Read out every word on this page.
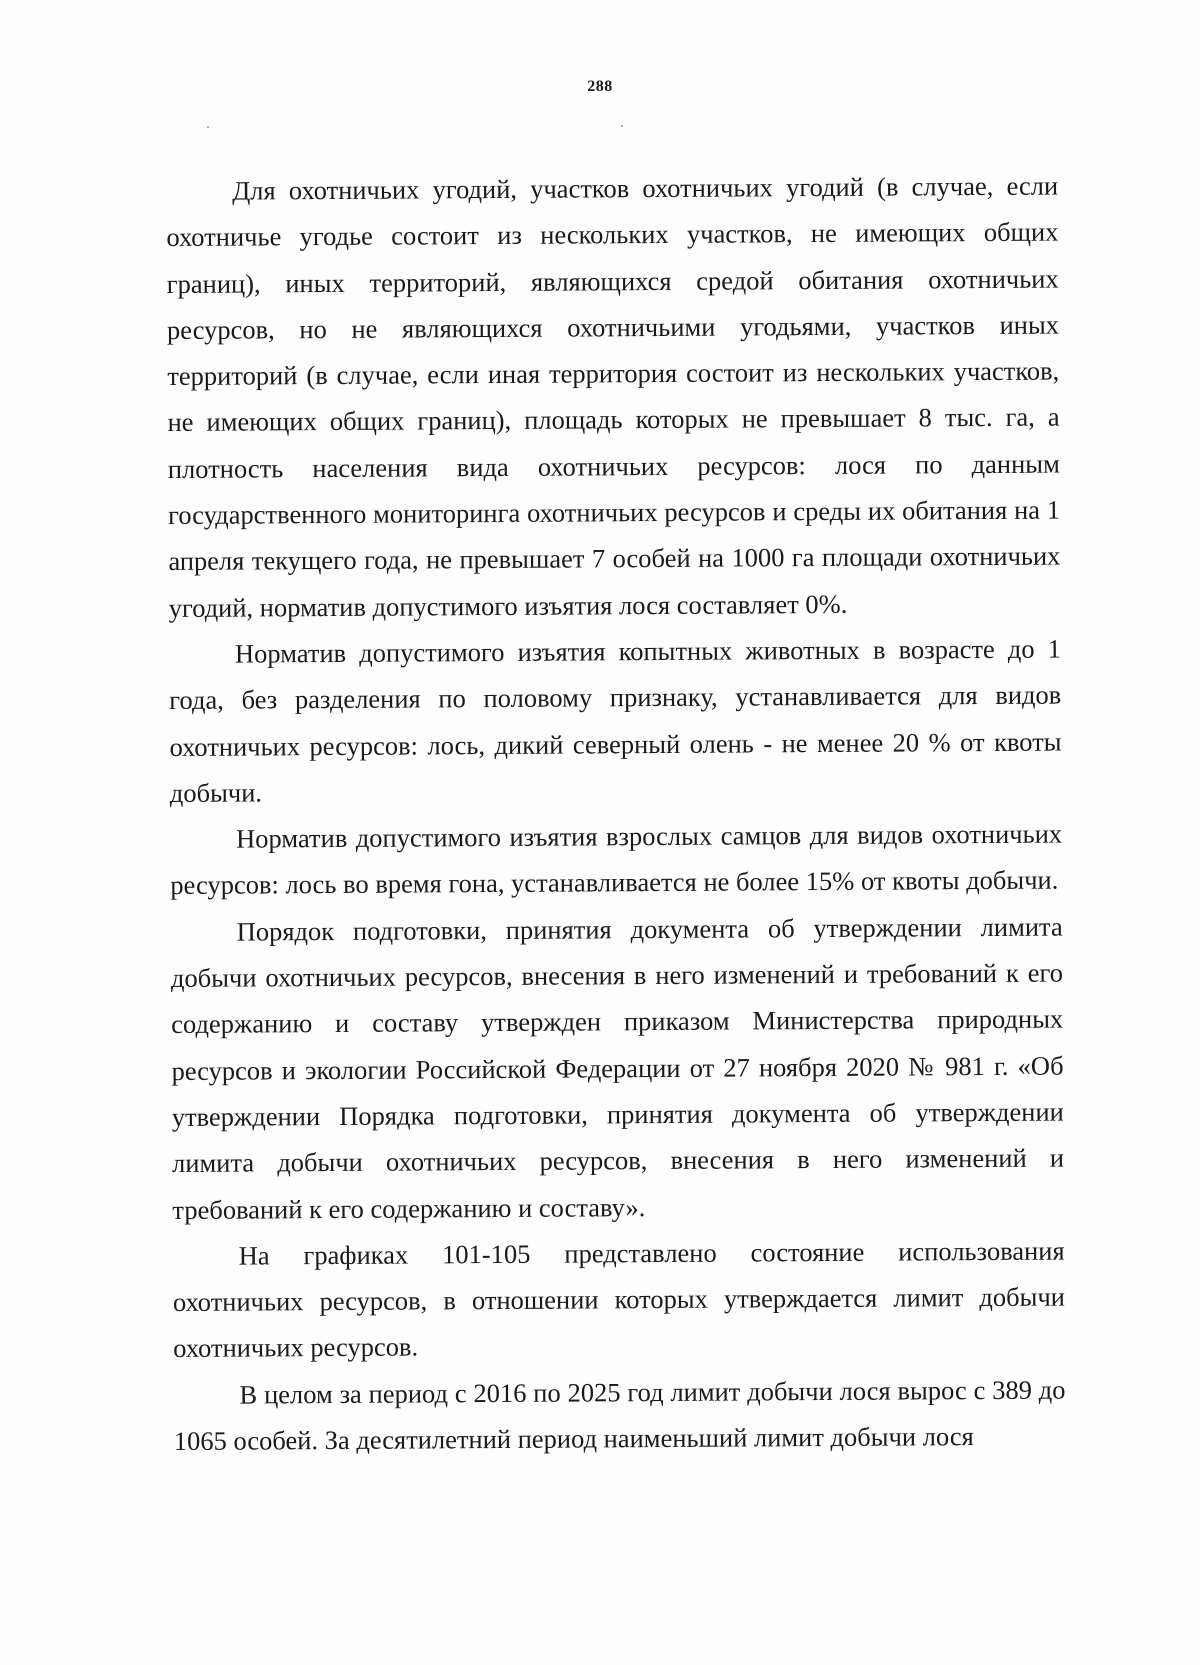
288

Для охотничьих угодий, участков охотничьих угодий (в случае, если охотничье угодье состоит из нескольких участков, не имеющих общих границ), иных территорий, являющихся средой обитания охотничьих ресурсов, но не являющихся охотничьими угодьями, участков иных территорий (в случае, если иная территория состоит из нескольких участков, не имеющих общих границ), площадь которых не превышает 8 тыс. га, а плотность населения вида охотничьих ресурсов: лося по данным государственного мониторинга охотничьих ресурсов и среды их обитания на 1 апреля текущего года, не превышает 7 особей на 1000 га площади охотничьих угодий, норматив допустимого изъятия лося составляет 0%.

Норматив допустимого изъятия копытных животных в возрасте до 1 года, без разделения по половому признаку, устанавливается для видов охотничьих ресурсов: лось, дикий северный олень - не менее 20 % от квоты добычи.

Норматив допустимого изъятия взрослых самцов для видов охотничьих ресурсов: лось во время гона, устанавливается не более 15% от квоты добычи.

Порядок подготовки, принятия документа об утверждении лимита добычи охотничьих ресурсов, внесения в него изменений и требований к его содержанию и составу утвержден приказом Министерства природных ресурсов и экологии Российской Федерации от 27 ноября 2020 № 981 г. «Об утверждении Порядка подготовки, принятия документа об утверждении лимита добычи охотничьих ресурсов, внесения в него изменений и требований к его содержанию и составу».

На графиках 101-105 представлено состояние использования охотничьих ресурсов, в отношении которых утверждается лимит добычи охотничьих ресурсов.

В целом за период с 2016 по 2025 год лимит добычи лося вырос с 389 до 1065 особей. За десятилетний период наименьший лимит добычи лося
